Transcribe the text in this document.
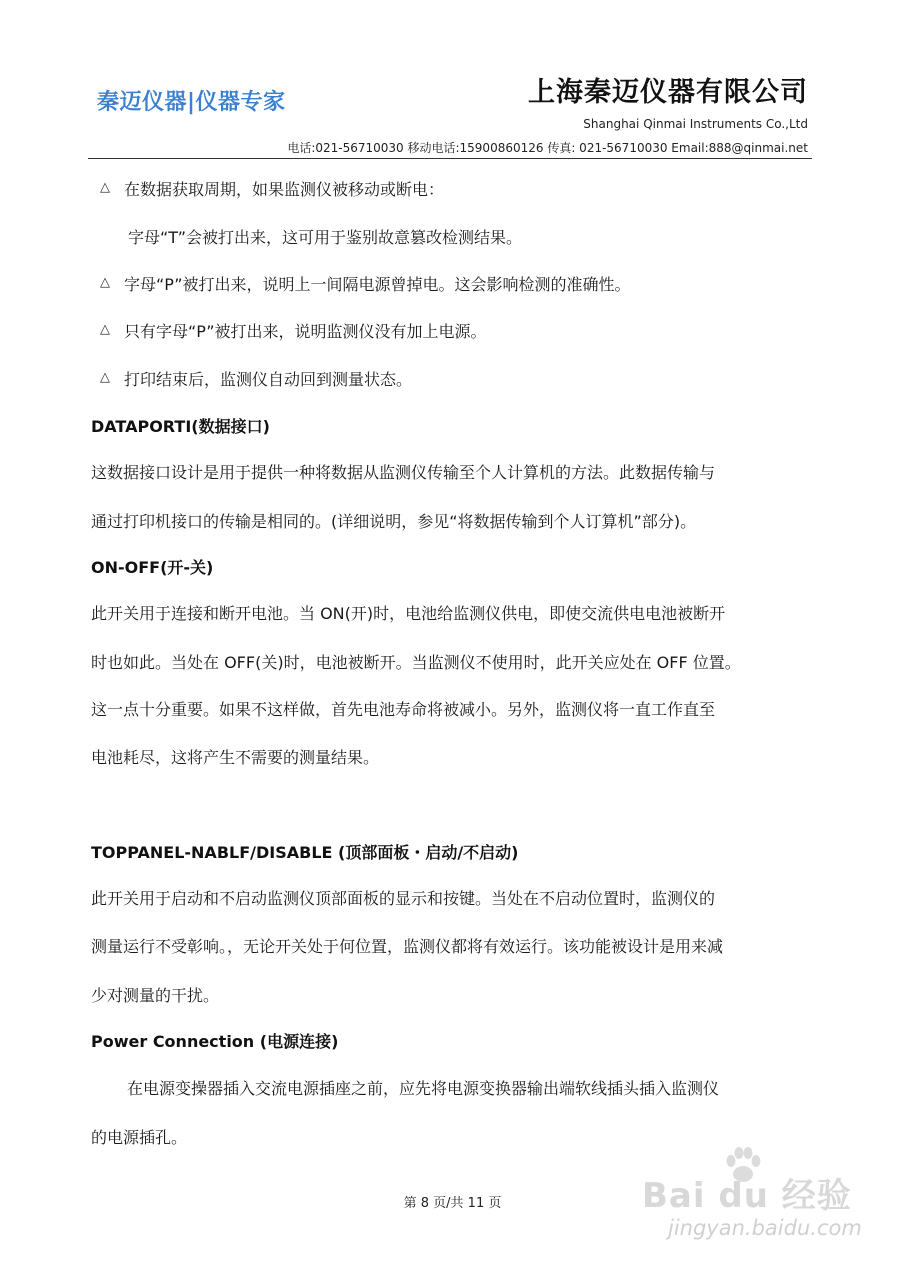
秦迈仪器|仪器专家	上海秦迈仪器有限公司
Shanghai Qinmai Instruments Co.,Ltd
电话:021-56710030 移动电话:15900860126 传真: 021-56710030 Email:888@qinmai.net
△ 在数据获取周期，如果监测仪被移动或断电：
字母“T”会被打出来，这可用于鉴别故意篡改检测结果。
△ 字母“P”被打出来，说明上一间隔电源曾掉电。这会影响检测的准确性。
△ 只有字母“P”被打出来，说明监测仪没有加上电源。
△ 打印结束后，监测仪自动回到测量状态。
DATAPORTI(数据接口)
这数据接口设计是用于提供一种将数据从监测仪传输至个人计算机的方法。此数据传输与
通过打印机接口的传输是相同的。(详细说明，参见“将数据传输到个人订算机”部分)。
ON-OFF(开-关)
此开关用于连接和断开电池。当 ON(开)时，电池给监测仪供电，即使交流供电电池被断开
时也如此。当处在 OFF(关)时，电池被断开。当监测仪不使用时，此开关应处在 OFF 位置。
这一点十分重要。如果不这样做，首先电池寿命将被减小。另外，监测仪将一直工作直至
电池耗尽，这将产生不需要的测量结果。
TOPPANEL-NABLF/DISABLE (顶部面板・启动/不启动)
此开关用于启动和不启动监测仪顶部面板的显示和按键。当处在不启动位置时，监测仪的
测量运行不受彰响。，无论开关处于何位置，监测仪都将有效运行。该功能被设计是用来减
少对测量的干扰。
Power Connection (电源连接)
在电源变操器插入交流电源插座之前，应先将电源变换器输出端软线插头插入监测仪
的电源插孔。
第 8 页/共 11 页	Bai du 经验
jingyan.baidu.com
